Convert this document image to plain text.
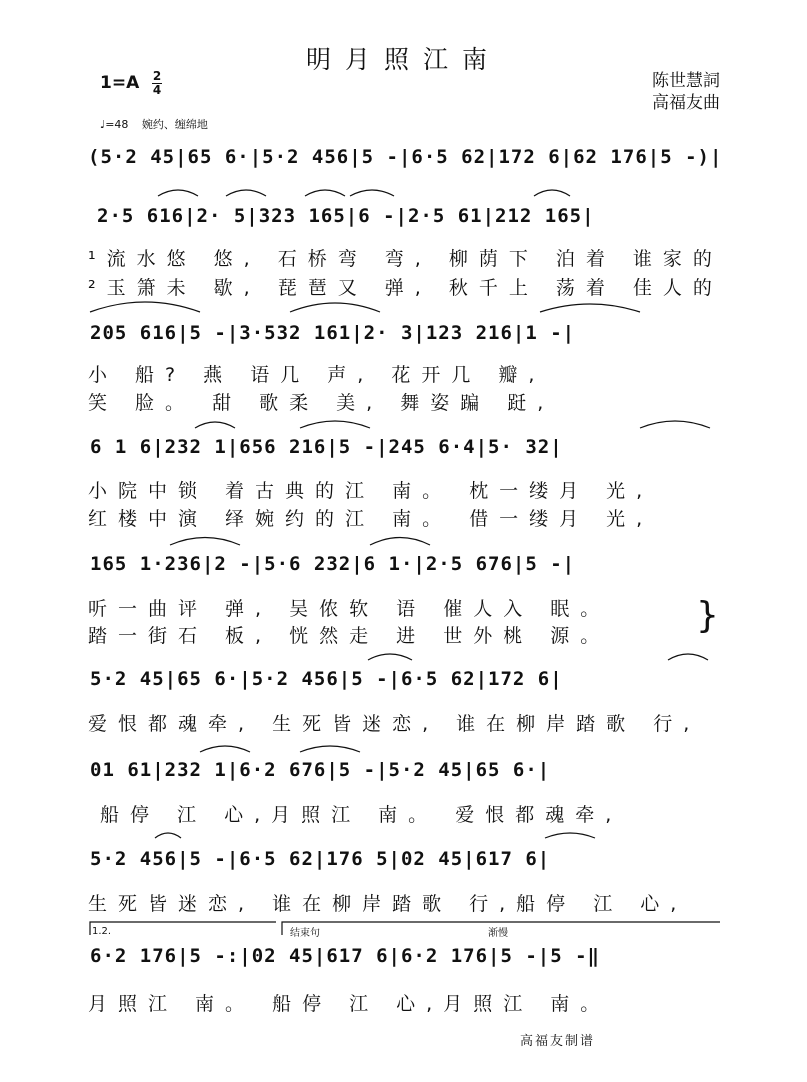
明月照江南
陈世慧詞
高福友曲
1=A 2
4
♩=48 婉约、缠绵地
(5·2 45|65 6·|5·2 456|5 -|6·5 62|172 6|62 176|5 -)|
2·5 616|2· 5|323 165|6 -|2·5 61|212 165|
¹流水悠 悠, 石桥弯 弯, 柳荫下 泊着 谁家的
²玉箫未 歇, 琵琶又 弹, 秋千上 荡着 佳人的
205 616|5 -|3·532 161|2· 3|123 216|1 -|
小 船? 燕 语几 声, 花开几 瓣,
笑 脸。 甜 歌柔 美, 舞姿蹁 跹,
6 1 6|232 1|656 216|5 -|245 6·4|5· 32|
小院中锁 着古典的江 南。 枕一缕月 光,
红楼中演 绎婉约的江 南。 借一缕月 光,
165 1·236|2 -|5·6 232|6 1·|2·5 676|5 -|
听一曲评 弹, 吴侬软 语 催人入 眠。
踏一街石 板, 恍然走 进 世外桃 源。 }
5·2 45|65 6·|5·2 456|5 -|6·5 62|172 6|
爱恨都魂牵, 生死皆迷恋, 谁在柳岸踏歌 行,
01 61|232 1|6·2 676|5 -|5·2 45|65 6·|
船停 江 心,月照江 南。 爱恨都魂牵,
5·2 456|5 -|6·5 62|176 5|02 45|617 6|
生死皆迷恋, 谁在柳岸踏歌 行,船停 江 心,
1.2.	结束句	渐慢
6·2 176|5 -:|02 45|617 6|6·2 176|5 -|5 -‖
月照江 南。 船停 江 心,月照江 南。
高福友制谱
